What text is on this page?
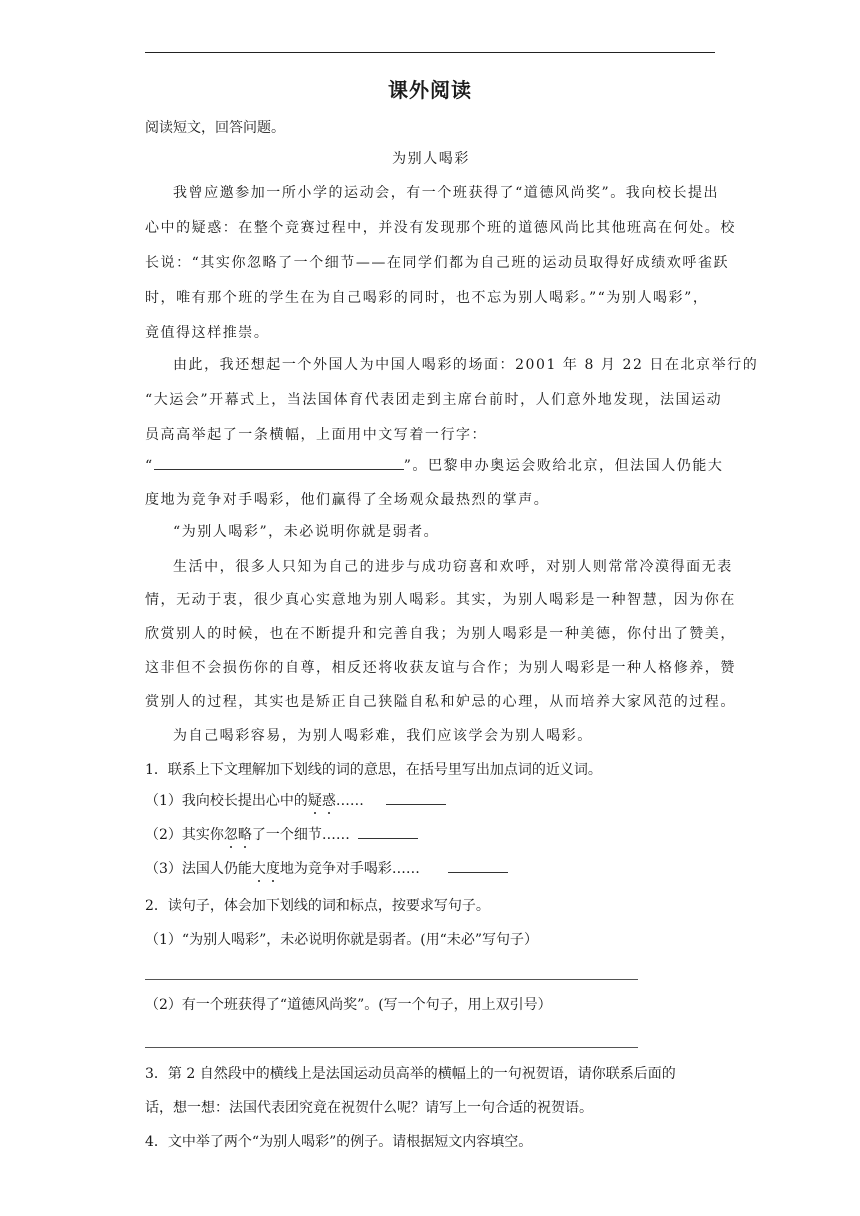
课外阅读
阅读短文，回答问题。
为别人喝彩
我曾应邀参加一所小学的运动会，有一个班获得了“道德风尚奖”。我向校长提出
心中的疑惑：在整个竞赛过程中，并没有发现那个班的道德风尚比其他班高在何处。校
长说：“其实你忽略了一个细节——在同学们都为自己班的运动员取得好成绩欢呼雀跃
时，唯有那个班的学生在为自己喝彩的同时，也不忘为别人喝彩。”“为别人喝彩”，
竟值得这样推崇。
由此，我还想起一个外国人为中国人喝彩的场面：2001 年 8 月 22 日在北京举行的
“大运会”开幕式上，当法国体育代表团走到主席台前时，人们意外地发现，法国运动
员高高举起了一条横幅，上面用中文写着一行字：
“	”。巴黎申办奥运会败给北京，但法国人仍能大
度地为竞争对手喝彩，他们赢得了全场观众最热烈的掌声。
“为别人喝彩”，未必说明你就是弱者。
生活中，很多人只知为自己的进步与成功窃喜和欢呼，对别人则常常冷漠得面无表
情，无动于衷，很少真心实意地为别人喝彩。其实，为别人喝彩是一种智慧，因为你在
欣赏别人的时候，也在不断提升和完善自我；为别人喝彩是一种美德，你付出了赞美，
这非但不会损伤你的自尊，相反还将收获友谊与合作；为别人喝彩是一种人格修养，赞
赏别人的过程，其实也是矫正自己狭隘自私和妒忌的心理，从而培养大家风范的过程。
为自己喝彩容易，为别人喝彩难，我们应该学会为别人喝彩。
1．联系上下文理解加下划线的词的意思，在括号里写出加点词的近义词。
（1）我向校长提出心中的疑惑……
（2）其实你忽略了一个细节……
（3）法国人仍能大度地为竞争对手喝彩……
2．读句子，体会加下划线的词和标点，按要求写句子。
（1）“为别人喝彩”，未必说明你就是弱者。(用“未必”写句子）
（2）有一个班获得了“道德风尚奖”。(写一个句子，用上双引号）
3．第 2 自然段中的横线上是法国运动员高举的横幅上的一句祝贺语，请你联系后面的
话，想一想：法国代表团究竟在祝贺什么呢？请写上一句合适的祝贺语。
4．文中举了两个“为别人喝彩”的例子。请根据短文内容填空。
